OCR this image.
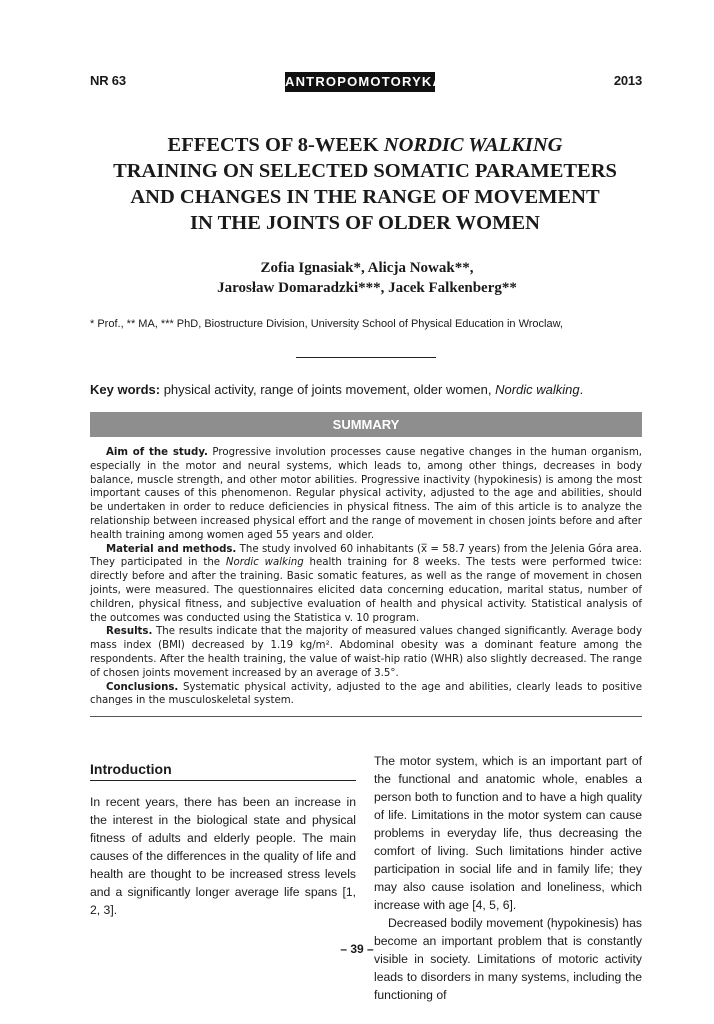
NR 63	ANTROPOMOTORYKA	2013
EFFECTS OF 8-WEEK NORDIC WALKING
TRAINING ON SELECTED SOMATIC PARAMETERS
AND CHANGES IN THE RANGE OF MOVEMENT
IN THE JOINTS OF OLDER WOMEN
Zofia Ignasiak*, Alicja Nowak**,
Jarosław Domaradzki***, Jacek Falkenberg**
* Prof., ** MA, *** PhD, Biostructure Division, University School of Physical Education in Wroclaw,
Key words: physical activity, range of joints movement, older women, Nordic walking.
SUMMARY

Aim of the study. Progressive involution processes cause negative changes in the human organism, especially in the motor and neural systems, which leads to, among other things, decreases in body balance, muscle strength, and other motor abilities. Progressive inactivity (hypokinesis) is among the most important causes of this phenomenon. Regular physical activity, adjusted to the age and abilities, should be undertaken in order to reduce deficiencies in physical fitness. The aim of this article is to analyze the relationship between increased physical effort and the range of movement in chosen joints before and after health training among women aged 55 years and older.

Material and methods. The study involved 60 inhabitants (x̅ = 58.7 years) from the Jelenia Góra area. They participated in the Nordic walking health training for 8 weeks. The tests were performed twice: directly before and after the training. Basic somatic features, as well as the range of movement in chosen joints, were measured. The questionnaires elicited data concerning education, marital status, number of children, physical fitness, and subjective evaluation of health and physical activity. Statistical analysis of the outcomes was conducted using the Statistica v. 10 program.

Results. The results indicate that the majority of measured values changed significantly. Average body mass index (BMI) decreased by 1.19 kg/m². Abdominal obesity was a dominant feature among the respondents. After the health training, the value of waist-hip ratio (WHR) also slightly decreased. The range of chosen joints movement increased by an average of 3.5°.

Conclusions. Systematic physical activity, adjusted to the age and abilities, clearly leads to positive changes in the musculoskeletal system.

Introduction

In recent years, there has been an increase in the interest in the biological state and physical fitness of adults and elderly people. The main causes of the differences in the quality of life and health are thought to be increased stress levels and a significantly longer average life spans [1, 2, 3].

The motor system, which is an important part of the functional and anatomic whole, enables a person both to function and to have a high quality of life. Limitations in the motor system can cause problems in everyday life, thus decreasing the comfort of living. Such limitations hinder active participation in social life and in family life; they may also cause isolation and loneliness, which increase with age [4, 5, 6].

Decreased bodily movement (hypokinesis) has become an important problem that is constantly visible in society. Limitations of motoric activity leads to disorders in many systems, including the functioning of

– 39 –
